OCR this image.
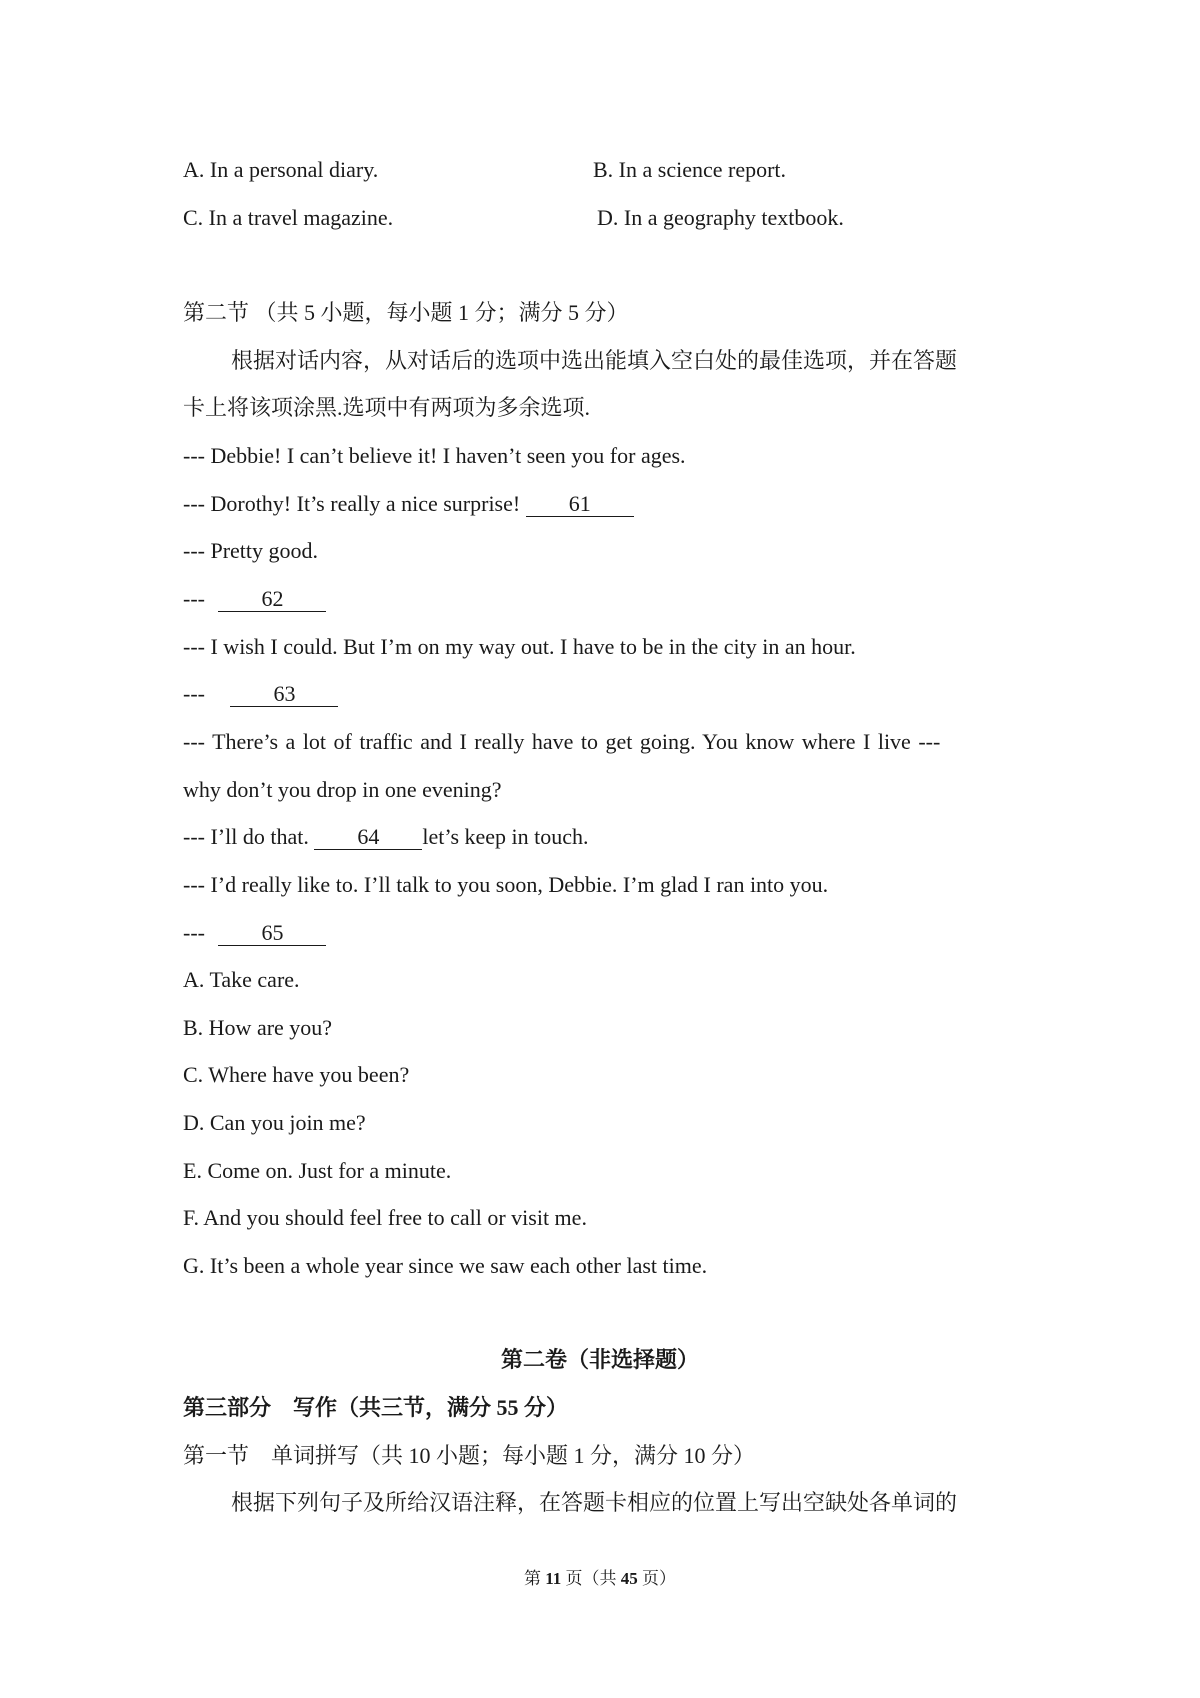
A. In a personal diary.	B. In a science report.
C. In a travel magazine.	D. In a geography textbook.
第二节 （共 5 小题，每小题 1 分；满分 5 分）
根据对话内容，从对话后的选项中选出能填入空白处的最佳选项，并在答题
卡上将该项涂黑.选项中有两项为多余选项.
--- Debbie! I can’t believe it! I haven’t seen you for ages.
--- Dorothy! It’s really a nice surprise! 61
--- Pretty good.
--- 62
--- I wish I could. But I’m on my way out. I have to be in the city in an hour.
---	63
--- There’s a lot of traffic and I really have to get going. You know where I live ---
why don’t you drop in one evening?
--- I’ll do that. 64 let’s keep in touch.
--- I’d really like to. I’ll talk to you soon, Debbie. I’m glad I ran into you.
--- 65
A. Take care.
B. How are you?
C. Where have you been?
D. Can you join me?
E. Come on. Just for a minute.
F. And you should feel free to call or visit me.
G. It’s been a whole year since we saw each other last time.
第二卷（非选择题）
第三部分　写作（共三节，满分 55 分）
第一节　单词拼写（共 10 小题；每小题 1 分，满分 10 分）
根据下列句子及所给汉语注释，在答题卡相应的位置上写出空缺处各单词的
第 11 页（共 45 页）
